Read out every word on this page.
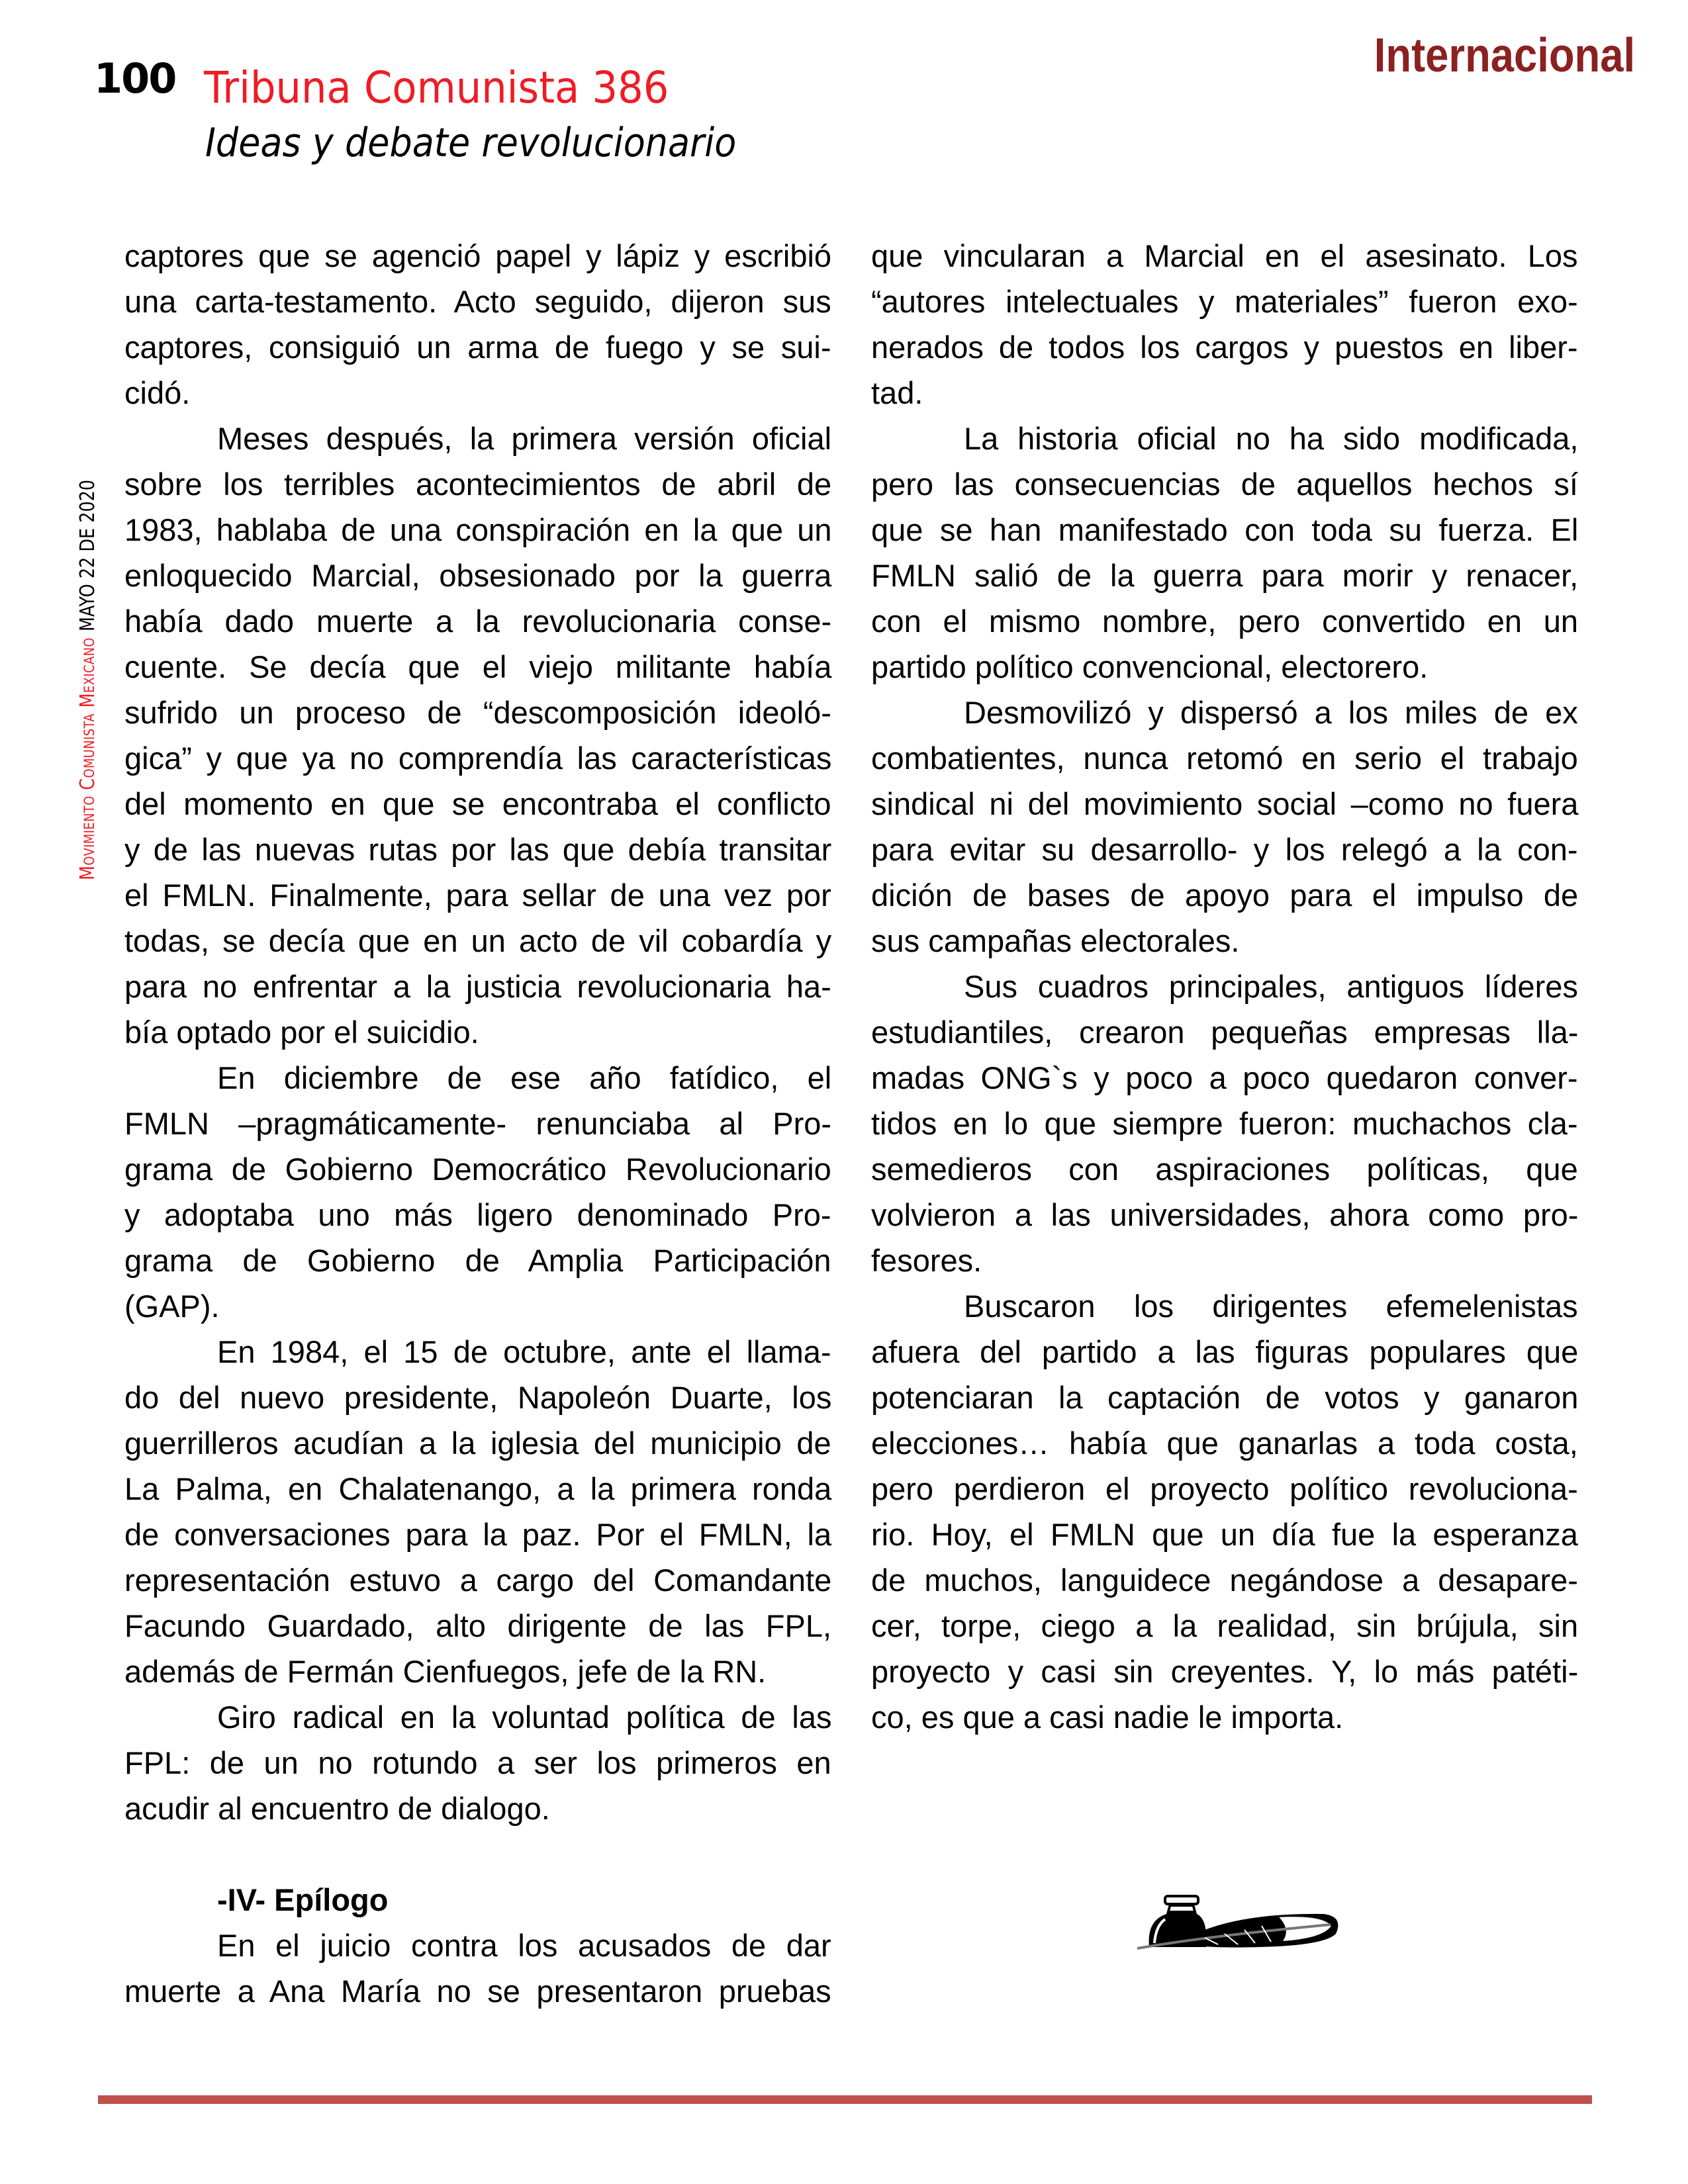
100 Tribuna Comunista 386
Ideas y debate revolucionario
Internacional
Movimiento Comunista Mexicano
MAYO 22 DE 2020
captores que se agenció papel y lápiz y escribió
una carta-testamento. Acto seguido, dijeron sus
captores, consiguió un arma de fuego y se sui-
cidó.
Meses después, la primera versión oficial
sobre los terribles acontecimientos de abril de
1983, hablaba de una conspiración en la que un
enloquecido Marcial, obsesionado por la guerra
había dado muerte a la revolucionaria conse-
cuente. Se decía que el viejo militante había
sufrido un proceso de “descomposición ideoló-
gica” y que ya no comprendía las características
del momento en que se encontraba el conflicto
y de las nuevas rutas por las que debía transitar
el FMLN. Finalmente, para sellar de una vez por
todas, se decía que en un acto de vil cobardía y
para no enfrentar a la justicia revolucionaria ha-
bía optado por el suicidio.
En diciembre de ese año fatídico, el
FMLN –pragmáticamente- renunciaba al Pro-
grama de Gobierno Democrático Revolucionario
y adoptaba uno más ligero denominado Pro-
grama de Gobierno de Amplia Participación
(GAP).
En 1984, el 15 de octubre, ante el llama-
do del nuevo presidente, Napoleón Duarte, los
guerrilleros acudían a la iglesia del municipio de
La Palma, en Chalatenango, a la primera ronda
de conversaciones para la paz. Por el FMLN, la
representación estuvo a cargo del Comandante
Facundo Guardado, alto dirigente de las FPL,
además de Fermán Cienfuegos, jefe de la RN.
Giro radical en la voluntad política de las
FPL: de un no rotundo a ser los primeros en
acudir al encuentro de dialogo.
-IV- Epílogo
En el juicio contra los acusados de dar
muerte a Ana María no se presentaron pruebas
que vincularan a Marcial en el asesinato. Los
“autores intelectuales y materiales” fueron exo-
nerados de todos los cargos y puestos en liber-
tad.
La historia oficial no ha sido modificada,
pero las consecuencias de aquellos hechos sí
que se han manifestado con toda su fuerza. El
FMLN salió de la guerra para morir y renacer,
con el mismo nombre, pero convertido en un
partido político convencional, electorero.
Desmovilizó y dispersó a los miles de ex
combatientes, nunca retomó en serio el trabajo
sindical ni del movimiento social –como no fuera
para evitar su desarrollo- y los relegó a la con-
dición de bases de apoyo para el impulso de
sus campañas electorales.
Sus cuadros principales, antiguos líderes
estudiantiles, crearon pequeñas empresas lla-
madas ONG`s y poco a poco quedaron conver-
tidos en lo que siempre fueron: muchachos cla-
semedieros con aspiraciones políticas, que
volvieron a las universidades, ahora como pro-
fesores.
Buscaron los dirigentes efemelenistas
afuera del partido a las figuras populares que
potenciaran la captación de votos y ganaron
elecciones… había que ganarlas a toda costa,
pero perdieron el proyecto político revoluciona-
rio. Hoy, el FMLN que un día fue la esperanza
de muchos, languidece negándose a desapare-
cer, torpe, ciego a la realidad, sin brújula, sin
proyecto y casi sin creyentes. Y, lo más patéti-
co, es que a casi nadie le importa.
